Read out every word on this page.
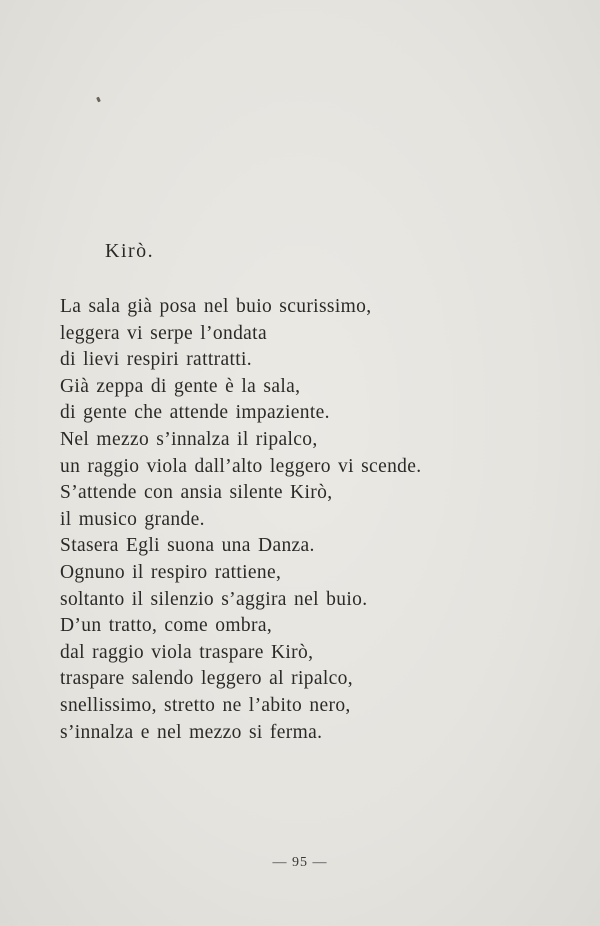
Kirò.
La sala già posa nel buio scurissimo,
leggera vi serpe l’ondata
di lievi respiri rattratti.
Già zeppa di gente è la sala,
di gente che attende impaziente.
Nel mezzo s’innalza il ripalco,
un raggio viola dall’alto leggero vi scende.
S’attende con ansia silente Kirò,
il musico grande.
Stasera Egli suona una Danza.
Ognuno il respiro rattiene,
soltanto il silenzio s’aggira nel buio.
D’un tratto, come ombra,
dal raggio viola traspare Kirò,
traspare salendo leggero al ripalco,
snellissimo, stretto ne l’abito nero,
s’innalza e nel mezzo si ferma.
— 95 —
